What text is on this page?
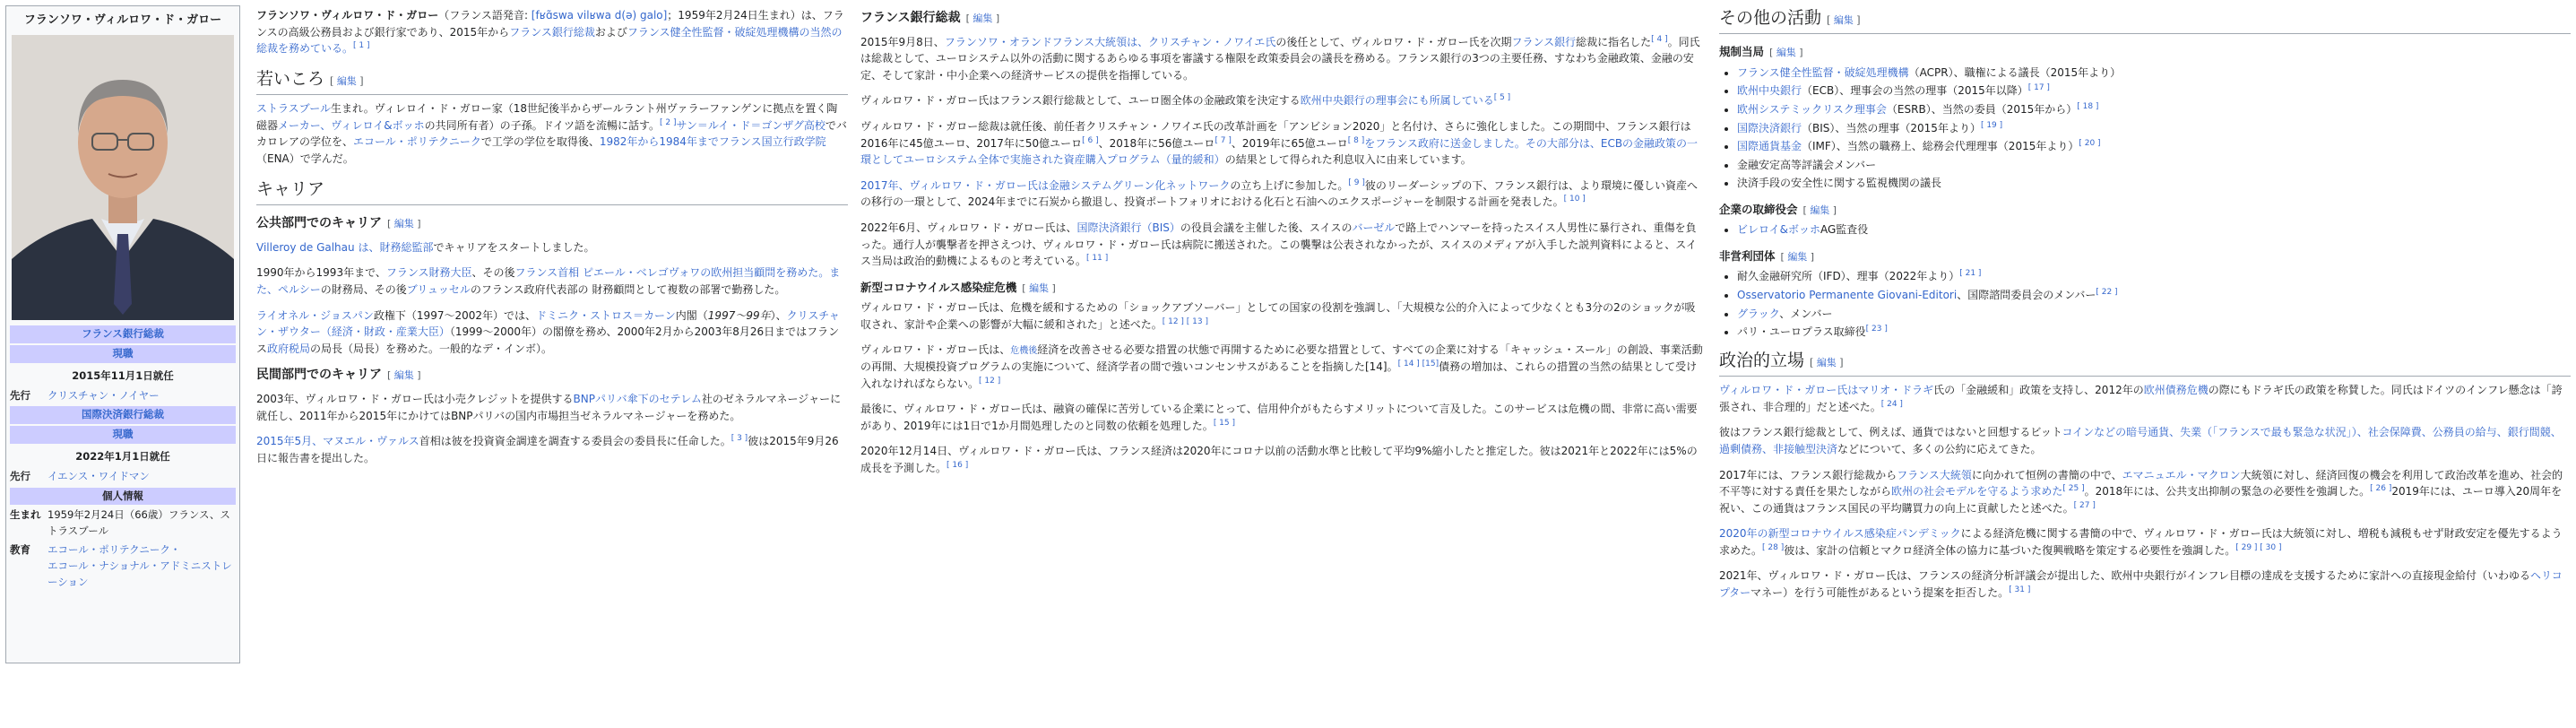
フランソワ・ヴィルロワ・ド・ガロー
フランス銀行総裁
現職
2015年11月1日就任
先行	クリスチャン・ノイヤー
国際決済銀行総裁
現職
2022年1月1日就任
先行	イエンス・ワイドマン
個人情報
生まれ 1959年2月24日（66歳）フランス、ストラスブール
教育	エコール・ポリテクニーク・
エコール・ナショナル・アドミニストレーション

フランソワ・ヴィルロワ・ド・ガロー（フランス語発音: [fʁɑ̃swa vilʁwa d(ə) galo]；1959年2月24日生まれ）は、フランスの高級公務員および銀行家であり、2015年からフランス銀行総裁およびフランス健全性監督・破綻処理機構の当然の総裁を務めている。[ 1 ]

若いころ [ 編集 ]

ストラスブール生まれ。ヴィレロイ・ド・ガロー家（18世紀後半からザールラント州ヴァラーファンゲンに拠点を置く陶磁器メーカー、ヴィレロイ&ボッホの共同所有者）の子孫。ドイツ語を流暢に話す。[ 2 ]サン＝ルイ・ド＝ゴンザグ高校でバカロレアの学位を、エコール・ポリテクニークで工学の学位を取得後、1982年から1984年までフランス国立行政学院（ENA）で学んだ。

キャリア
公共部門でのキャリア [ 編集 ]

Villeroy de Galhau は、財務総監部でキャリアをスタートしました。

1990年から1993年まで、フランス財務大臣、その後フランス首相 ピエール・ベレゴヴォワの欧州担当顧問を務めた。また、ペルシーの財務局、その後ブリュッセルのフランス政府代表部の 財務顧問として複数の部署で勤務した。

ライオネル・ジョスパン政権下（1997〜2002年）では、ドミニク・ストロス＝カーン内閣（1997〜99年）、クリスチャン・ザウター（経済・財政・産業大臣）（1999〜2000年）の閣僚を務め、2000年2月から2003年8月26日まではフランス政府税局の局長（局長）を務めた。一般的なデ・インボ）。

民間部門でのキャリア [ 編集 ]

2003年、ヴィルロワ・ド・ガロー氏は小売クレジットを提供するBNPパリバ傘下のセテレム社のゼネラルマネージャーに就任し、2011年から2015年にかけてはBNPパリバの国内市場担当ゼネラルマネージャーを務めた。

2015年5月、マヌエル・ヴァルス首相は彼を投資資金調達を調査する委員会の委員長に任命した。[ 3 ]彼は2015年9月26日に報告書を提出した。

フランス銀行総裁 [ 編集 ]

2015年9月8日、フランソワ・オランドフランス大統領は、クリスチャン・ノワイエ氏の後任として、ヴィルロワ・ド・ガロー氏を次期フランス銀行総裁に指名した[ 4 ]。同氏は総裁として、ユーロシステム以外の活動に関するあらゆる事項を審議する権限を政策委員会の議長を務める。フランス銀行の3つの主要任務、すなわち金融政策、金融の安定、そして家計・中小企業への経済サービスの提供を指揮している。

ヴィルロワ・ド・ガロー氏はフランス銀行総裁として、ユーロ圏全体の金融政策を決定する欧州中央銀行の理事会にも所属している[ 5 ]

ヴィルロワ・ド・ガロー総裁は就任後、前任者クリスチャン・ノワイエ氏の改革計画を「アンビション2020」と名付け、さらに強化しました。この期間中、フランス銀行は2016年に45億ユーロ、2017年に50億ユーロ[ 6 ]、2018年に56億ユーロ[ 7 ]、2019年に65億ユーロ[ 8 ]をフランス政府に送金しました。その大部分は、ECBの金融政策の一環としてユーロシステム全体で実施された資産購入プログラム（量的緩和）の結果として得られた利息収入に由来しています。

2017年、ヴィルロワ・ド・ガロー氏は金融システムグリーン化ネットワークの立ち上げに参加した。[ 9 ]彼のリーダーシップの下、フランス銀行は、より環境に優しい資産への移行の一環として、2024年までに石炭から撤退し、投資ポートフォリオにおける化石と石油へのエクスポージャーを制限する計画を発表した。[ 10 ]

2022年6月、ヴィルロワ・ド・ガロー氏は、国際決済銀行（BIS）の役員会議を主催した後、スイスのバーゼルで路上でハンマーを持ったスイス人男性に暴行され、重傷を負った。通行人が襲撃者を押さえつけ、ヴィルロワ・ド・ガロー氏は病院に搬送された。この襲撃は公表されなかったが、スイスのメディアが入手した説判資料によると、スイス当局は政治的動機によるものと考えている。[ 11 ]

新型コロナウイルス感染症危機 [ 編集 ]

ヴィルロワ・ド・ガロー氏は、危機を緩和するための「ショックアブソーバー」としての国家の役割を強調し、「大規模な公的介入によって少なくとも3分の2のショックが吸収され、家計や企業への影響が大幅に緩和された」と述べた。[ 12 ] [ 13 ]

ヴィルロワ・ド・ガロー氏は、危機後経済を改善させる必要な措置の状態で再開するために必要な措置として、すべての企業に対する「キャッシュ・スール」の創設、事業活動の再開、大規模投資プログラムの実施について、経済学者の間で強いコンセンサスがあることを指摘した[14]。[ 14 ] [15]債務の増加は、これらの措置の当然の結果として受け入れなければならない。[ 12 ]

最後に、ヴィルロワ・ド・ガロー氏は、融資の確保に苦労している企業にとって、信用仲介がもたらすメリットについて言及した。このサービスは危機の間、非常に高い需要があり、2019年には1日で1か月間処理したのと同数の依頼を処理した。[ 15 ]

2020年12月14日、ヴィルロワ・ド・ガロー氏は、フランス経済は2020年にコロナ以前の活動水準と比較して平均9%縮小したと推定した。彼は2021年と2022年には5%の成長を予測した。[ 16 ]

その他の活動 [ 編集 ]
規制当局 [ 編集 ]
• フランス健全性監督・破綻処理機構（ACPR）、職権による議長（2015年より）
• 欧州中央銀行（ECB）、理事会の当然の理事（2015年以降）[ 17 ]
• 欧州システミックリスク理事会（ESRB）、当然の委員（2015年から）[ 18 ]
• 国際決済銀行（BIS）、当然の理事（2015年より）[ 19 ]
• 国際通貨基金（IMF）、当然の職務上、総務会代理理事（2015年より）[ 20 ]
• 金融安定高等評議会メンバー
• 決済手段の安全性に関する監視機関の議長
企業の取締役会 [ 編集 ]
• ビレロイ&ボッホAG監査役
非営利団体 [ 編集 ]
• 耐久金融研究所（IFD）、理事（2022年より）[ 21 ]
• Osservatorio Permanente Giovani-Editori、国際諮問委員会のメンバー[ 22 ]
• グラック、メンバー
• パリ・ユーロプラス取締役[ 23 ]
政治的立場 [ 編集 ]

ヴィルロワ・ド・ガロー氏はマリオ・ドラギ氏の「金融緩和」政策を支持し、2012年の欧州債務危機の際にもドラギ氏の政策を称賛した。同氏はドイツのインフレ懸念は「誇張され、非合理的」だと述べた。[ 24 ]

彼はフランス銀行総裁として、例えば、通貨ではないと回想するビットコインなどの暗号通貨、失業（「フランスで最も緊急な状況」）、社会保障費、公務員の給与、銀行間競、過剰債務、非接触型決済などについて、多くの公約に応えてきた。

2017年には、フランス銀行総裁からフランス大統領に向かれて恒例の書簡の中で、エマニュエル・マクロン大統領に対し、経済回復の機会を利用して政治改革を進め、社会的不平等に対する責任を果たしながら欧州の社会モデルを守るよう求めた[ 25 ]。2018年には、公共支出抑制の緊急の必要性を強調した。[ 26 ]2019年には、ユーロ導入20周年を祝い、この通貨はフランス国民の平均購買力の向上に貢献したと述べた。[ 27 ]

2020年の新型コロナウイルス感染症パンデミックによる経済危機に関する書簡の中で、ヴィルロワ・ド・ガロー氏は大統領に対し、増税も減税もせず財政安定を優先するよう求めた。[ 28 ]彼は、家計の信頼とマクロ経済全体の協力に基づいた復興戦略を策定する必要性を強調した。[ 29 ] [ 30 ]

2021年、ヴィルロワ・ド・ガロー氏は、フランスの経済分析評議会が提出した、欧州中央銀行がインフレ目標の達成を支援するために家計への直接現金給付（いわゆるヘリコプターマネー）を行う可能性があるという提案を拒否した。[ 31 ]
